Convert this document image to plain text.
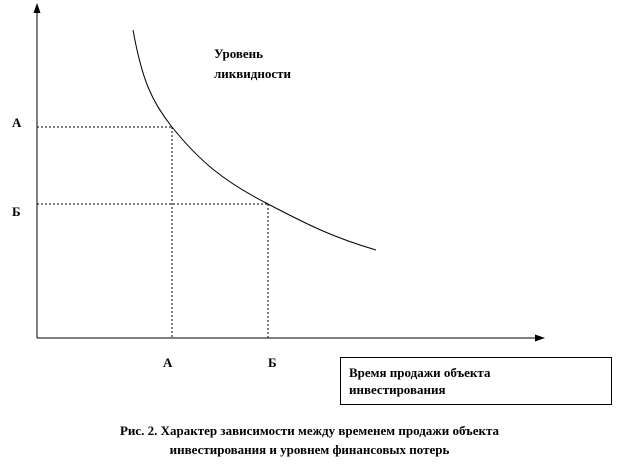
Уровень
ликвидности
А
Б
А	Б
Время продажи объекта
инвестирования
Рис. 2. Характер зависимости между временем продажи объекта
инвестирования и уровнем финансовых потерь
